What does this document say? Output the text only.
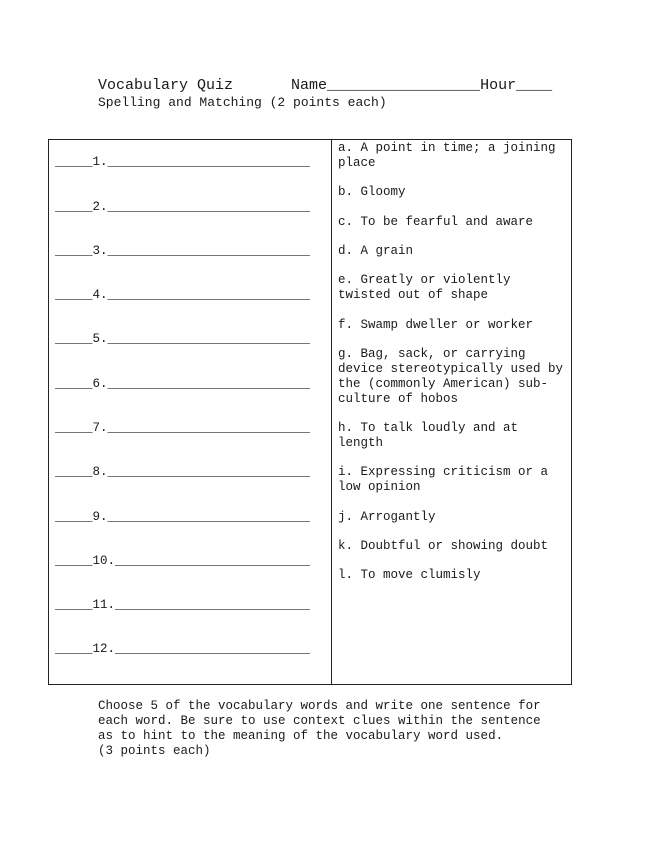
Vocabulary Quiz	Name_________________Hour____
Spelling and Matching (2 points each)
_____1.___________________________
_____2.___________________________
_____3.___________________________
_____4.___________________________
_____5.___________________________
_____6.___________________________
_____7.___________________________
_____8.___________________________
_____9.___________________________
_____10.__________________________
_____11.__________________________
_____12.__________________________
a. A point in time; a joining place
b. Gloomy
c. To be fearful and aware
d. A grain
e. Greatly or violently twisted out of shape
f. Swamp dweller or worker
g. Bag, sack, or carrying device stereotypically used by the (commonly American) sub-culture of hobos
h. To talk loudly and at length
i. Expressing criticism or a low opinion
j. Arrogantly
k. Doubtful or showing doubt
l. To move clumisly
Choose 5 of the vocabulary words and write one sentence for
each word. Be sure to use context clues within the sentence
as to hint to the meaning of the vocabulary word used.
(3 points each)
